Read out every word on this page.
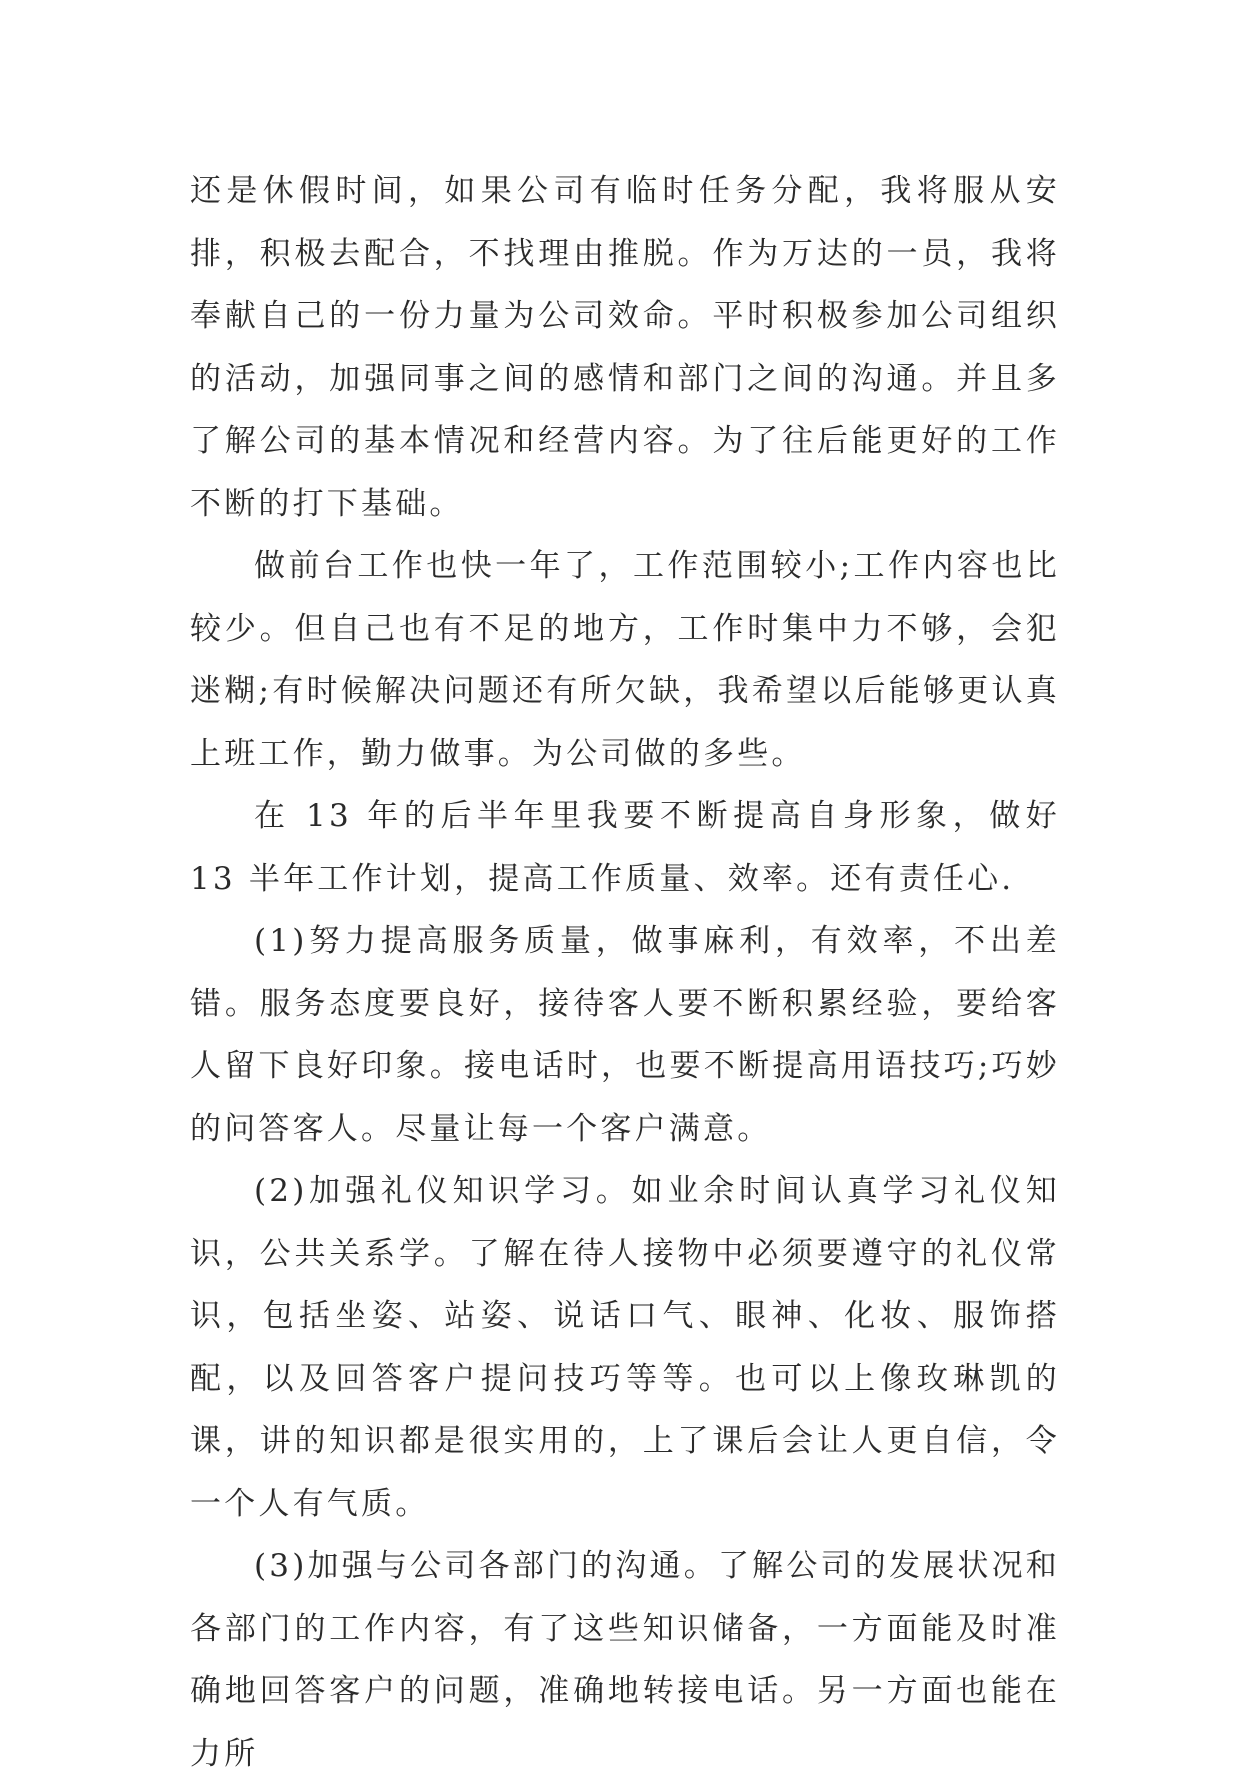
还是休假时间，如果公司有临时任务分配，我将服从安排，积极去配合，不找理由推脱。作为万达的一员，我将奉献自己的一份力量为公司效命。平时积极参加公司组织的活动，加强同事之间的感情和部门之间的沟通。并且多了解公司的基本情况和经营内容。为了往后能更好的工作不断的打下基础。

做前台工作也快一年了，工作范围较小;工作内容也比较少。但自己也有不足的地方，工作时集中力不够，会犯迷糊;有时候解决问题还有所欠缺，我希望以后能够更认真上班工作，勤力做事。为公司做的多些。

在 13 年的后半年里我要不断提高自身形象，做好 13 半年工作计划，提高工作质量、效率。还有责任心.

(1)努力提高服务质量，做事麻利，有效率，不出差错。服务态度要良好，接待客人要不断积累经验，要给客人留下良好印象。接电话时，也要不断提高用语技巧;巧妙的问答客人。尽量让每一个客户满意。

(2)加强礼仪知识学习。如业余时间认真学习礼仪知识，公共关系学。了解在待人接物中必须要遵守的礼仪常识，包括坐姿、站姿、说话口气、眼神、化妆、服饰搭配，以及回答客户提问技巧等等。也可以上像玫琳凯的课，讲的知识都是很实用的，上了课后会让人更自信，令一个人有气质。

(3)加强与公司各部门的沟通。了解公司的发展状况和各部门的工作内容，有了这些知识储备，一方面能及时准确地回答客户的问题，准确地转接电话。另一方面也能在力所
